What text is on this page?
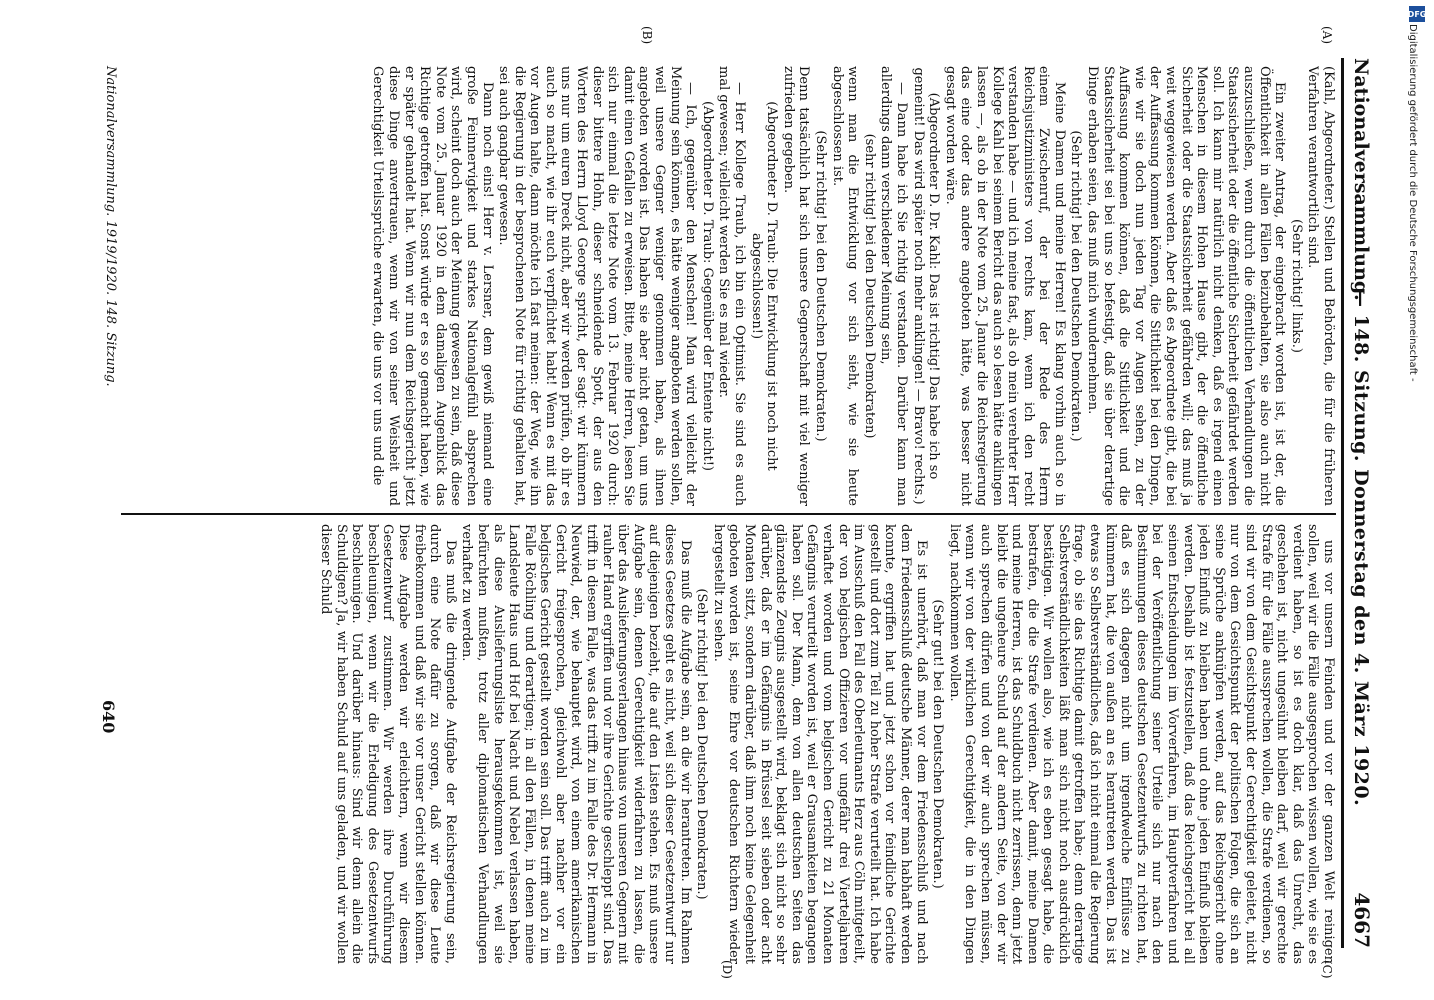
Nationalversammlung.
— 148. Sitzung. Donnerstag den 4. März 1920.
4667
(A)
(B)
(C)
(D)

(Kahl, Abgeordneter.) Stellen und Behörden, die für die früheren Verfahren verantwortlich sind.

(Sehr richtig! links.)

Ein zweiter Antrag, der eingebracht worden ist, ist der, die Öffentlichkeit in allen Fällen beizubehalten, sie also auch nicht auszuschließen, wenn durch die öffentlichen Verhandlungen die Staatssicherheit oder die öffentliche Sicherheit gefährdet werden soll. Ich kann mir natürlich nicht denken, daß es irgend einen Menschen in diesem Hohen Hause gibt, der die öffentliche Sicherheit oder die Staatssicherheit gefährden will; das muß ja weit weggewiesen werden. Aber daß es Abgeordnete gibt, die bei der Auffassung kommen können, die Sittlichkeit bei den Dingen, wie wir sie doch nun jeden Tag vor Augen sehen, zu der Auffassung kommen können, daß die Sittlichkeit und die Staatssicherheit sei bei uns so befestigt, daß sie über derartige Dinge erhaben seien, das muß mich wundernehmen.

(Sehr richtig! bei den Deutschen Demokraten.)

Meine Damen und meine Herren! Es klang vorhin auch so in einem Zwischenruf, der bei der Rede des Herrn Reichsjustizministers von rechts kam, wenn ich den recht verstanden habe — und ich meine fast, als ob mein verehrter Herr Kollege Kahl bei seinem Bericht das auch so lesen hätte anklingen lassen —, als ob in der Note vom 25. Januar die Reichsregierung das eine oder das andere angeboten hätte, was besser nicht gesagt worden wäre.

(Abgeordneter D. Dr. Kahl: Das ist richtig! Das habe ich so gemeint! Das wird später noch mehr anklingen! — Bravo! rechts.)

— Dann habe ich Sie richtig verstanden. Darüber kann man allerdings dann verschiedener Meinung sein,

(sehr richtig! bei den Deutschen Demokraten)

wenn man die Entwicklung vor sich sieht, wie sie heute abgeschlossen ist.

(Sehr richtig! bei den Deutschen Demokraten.)

Denn tatsächlich hat sich unsere Gegnerschaft mit viel weniger zufrieden gegeben.

(Abgeordneter D. Traub: Die Entwicklung ist noch nicht abgeschlossen!)

— Herr Kollege Traub, ich bin ein Optimist. Sie sind es auch mal gewesen; vielleicht werden Sie es mal wieder.

(Abgeordneter D. Traub: Gegenüber der Entente nicht!)

— Ich, gegenüber den Menschen! Man wird vielleicht der Meinung sein können, es hätte weniger angeboten werden sollen, weil unsere Gegner weniger genommen haben, als ihnen angeboten worden ist. Das haben sie aber nicht getan, um uns damit einen Gefallen zu erweisen. Bitte, meine Herren, lesen Sie sich nur einmal die letzte Note vom 13. Februar 1920 durch: dieser bittere Hohn, dieser schneidende Spott, der aus den Worten des Herrn Lloyd George spricht, der sagt: wir kümmern uns nur um euren Dreck nicht, aber wir werden prüfen, ob ihr es auch so macht, wie ihr euch verpflichtet habt! Wenn es mit das vor Augen halte, dann möchte ich fast meinen: der Weg, wie ihn die Regierung in der besprochenen Note für richtig gehalten hat, sei auch gangbar gewesen.

Dann noch eins! Herr v. Lersner, dem gewiß niemand eine große Feinnervigkeit und starkes Nationalgefühl absprechen wird, scheint doch auch der Meinung gewesen zu sein, daß diese Note vom 25. Januar 1920 in dem damaligen Augenblick das Richtige getroffen hat. Sonst würde er es so gemacht haben, wie er später gehandelt hat. Wenn wir nun dem Reichsgericht jetzt diese Dinge anvertrauen, wenn wir von seiner Weisheit und Gerechtigkeit Urteilssprüche erwarten, die uns vor uns und die

uns vor unsern Feinden und vor der ganzen Welt reinigen sollen, weil wir die Fälle ausgesprochen wissen wollen, wie sie es verdient haben, so ist es doch klar, daß das Unrecht, das geschehen ist, nicht ungesühnt bleiben darf, weil wir gerechte Strafe für die Fälle aussprechen wollen, die Strafe verdienen, so sind wir von dem Gesichtspunkt der Gerechtigkeit geleitet, nicht nur von dem Gesichtspunkt der politischen Folgen, die sich an seine Sprüche anknüpfen werden, auf das Reichsgericht ohne jeden Einfluß zu bleiben haben und ohne jeden Einfluß bleiben werden. Deshalb ist festzustellen, daß das Reichsgericht bei all seinen Entscheidungen im Vorverfahren, im Hauptverfahren und bei der Veröffentlichung seiner Urteile sich nur nach den Bestimmungen dieses deutschen Gesetzentwurfs zu richten hat, daß es sich dagegen nicht um irgendwelche Einflüsse zu kümmern hat, die von außen an es herantreten werden. Das ist etwas so Selbstverständliches, daß ich nicht einmal die Regierung frage, ob sie das Richtige damit getroffen habe; denn derartige Selbstverständlichkeiten läßt man sich nicht noch ausdrücklich bestätigen. Wir wollen also, wie ich es eben gesagt habe, die bestrafen, die die Strafe verdienen. Aber damit, meine Damen und meine Herren, ist das Schuldbuch nicht zerrissen, denn jetzt bleibt die ungeheure Schuld auf der andern Seite, von der wir auch sprechen dürfen und von der wir auch sprechen müssen, wenn wir von der wirklichen Gerechtigkeit, die in den Dingen liegt, nachkommen wollen.

(Sehr gut! bei den Deutschen Demokraten.)

Es ist unerhört, daß man vor dem Friedensschluß und nach dem Friedensschluß deutsche Männer, derer man habhaft werden konnte, ergriffen hat und jetzt schon vor feindliche Gerichte gestellt und dort zum Teil zu hoher Strafe verurteilt hat. Ich habe im Ausschuß den Fall des Oberleutnants Herz aus Cöln mitgeteilt, der von belgischen Offizieren vor ungefähr drei Vierteljahren verhaftet worden und vom belgischen Gericht zu 21 Monaten Gefängnis verurteilt worden ist, weil er Grausamkeiten begangen haben soll. Der Mann, dem von allen deutschen Seiten das glänzendste Zeugnis ausgestellt wird, beklagt sich nicht so sehr darüber, daß er im Gefängnis in Brüssel seit sieben oder acht Monaten sitzt, sondern darüber, daß ihm noch keine Gelegenheit geboten worden ist, seine Ehre vor deutschen Richtern wieder hergestellt zu sehen.

(Sehr richtig! bei den Deutschen Demokraten.)

Das muß die Aufgabe sein, an die wir herantreten. Im Rahmen dieses Gesetzes geht es nicht, weil sich dieser Gesetzentwurf nur auf diejenigen bezieht, die auf den Listen stehen. Es muß unsere Aufgabe sein, denen Gerechtigkeit widerfahren zu lassen, die über das Auslieferungsverlangen hinaus von unseren Gegnern mit rauher Hand ergriffen und vor ihre Gerichte geschleppt sind. Das trifft in diesem Falle, was das trifft zu im Falle des Dr. Hermann in Neuwied, der, wie behauptet wird, von einem amerikanischen Gericht freigesprochen, gleichwohl aber nachher vor ein belgisches Gericht gestellt worden sein soll. Das trifft auch zu im Falle Röchling und derartigen; in all den Fällen, in denen meine Landsleute Haus und Hof bei Nacht und Nebel verlassen haben, als diese Auslieferungsliste herausgekommen ist, weil sie befürchten mußten, trotz aller diplomatischen Verhandlungen verhaftet zu werden.

Das muß die dringende Aufgabe der Reichsregierung sein, durch eine Note dafür zu sorgen, daß wir diese Leute freibekommen und daß wir sie vor unser Gericht stellen können. Diese Aufgabe werden wir erleichtern, wenn wir diesem Gesetzentwurf zustimmen. Wir werden ihre Durchführung beschleunigen, wenn wir die Erledigung des Gesetzentwurfs beschleunigen. Und darüber hinaus: Sind wir denn allein die Schuldigen? Ja, wir haben Schuld auf uns geladen, und wir wollen dieser Schuld

Nationalversammlung. 1919/1920. 148. Sitzung.
640
DFG
Digitalisierung gefördert durch die Deutsche Forschungsgemeinschaft -
